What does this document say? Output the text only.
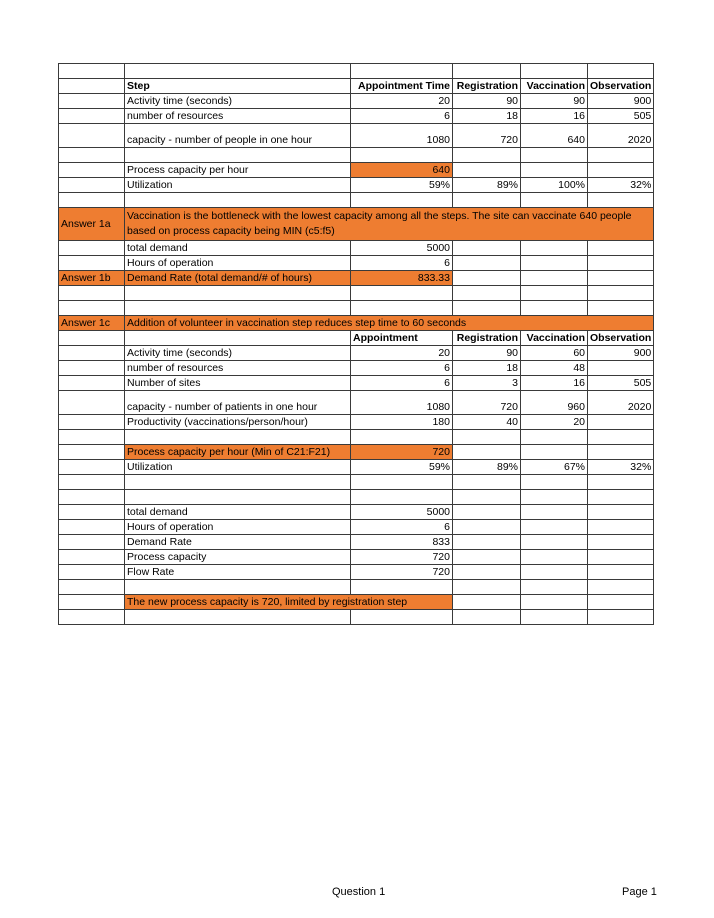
	Step	Appointment Time	Registration	Vaccination	Observation
	Activity time (seconds)	20	90	90	900
	number of resources	6	18	16	505
	capacity - number of people in one hour	1080	720	640	2020

	Process capacity per hour	640			
	Utilization	59%	89%	100%	32%

Answer 1a	Vaccination is the bottleneck with the lowest capacity among all the steps. The site can vaccinate 640 people based on process capacity being MIN (c5:f5)				
	total demand	5000			
	Hours of operation	6			
Answer 1b	Demand Rate (total demand/# of hours)	833.33			

Answer 1c	Addition of volunteer in vaccination step reduces step time to 60 seconds				
		Appointment	Registration	Vaccination	Observation
	Activity time (seconds)	20	90	60	900
	number of resources	6	18	48	
	Number of sites	6	3	16	505
	capacity - number of patients in one hour	1080	720	960	2020
	Productivity (vaccinations/person/hour)	180	40	20	

	Process capacity per hour (Min of C21:F21)	720			
	Utilization	59%	89%	67%	32%

	total demand	5000			
	Hours of operation	6			
	Demand Rate	833			
	Process capacity	720			
	Flow Rate	720			

	The new process capacity is 720, limited by registration step				

Question 1	Page 1
